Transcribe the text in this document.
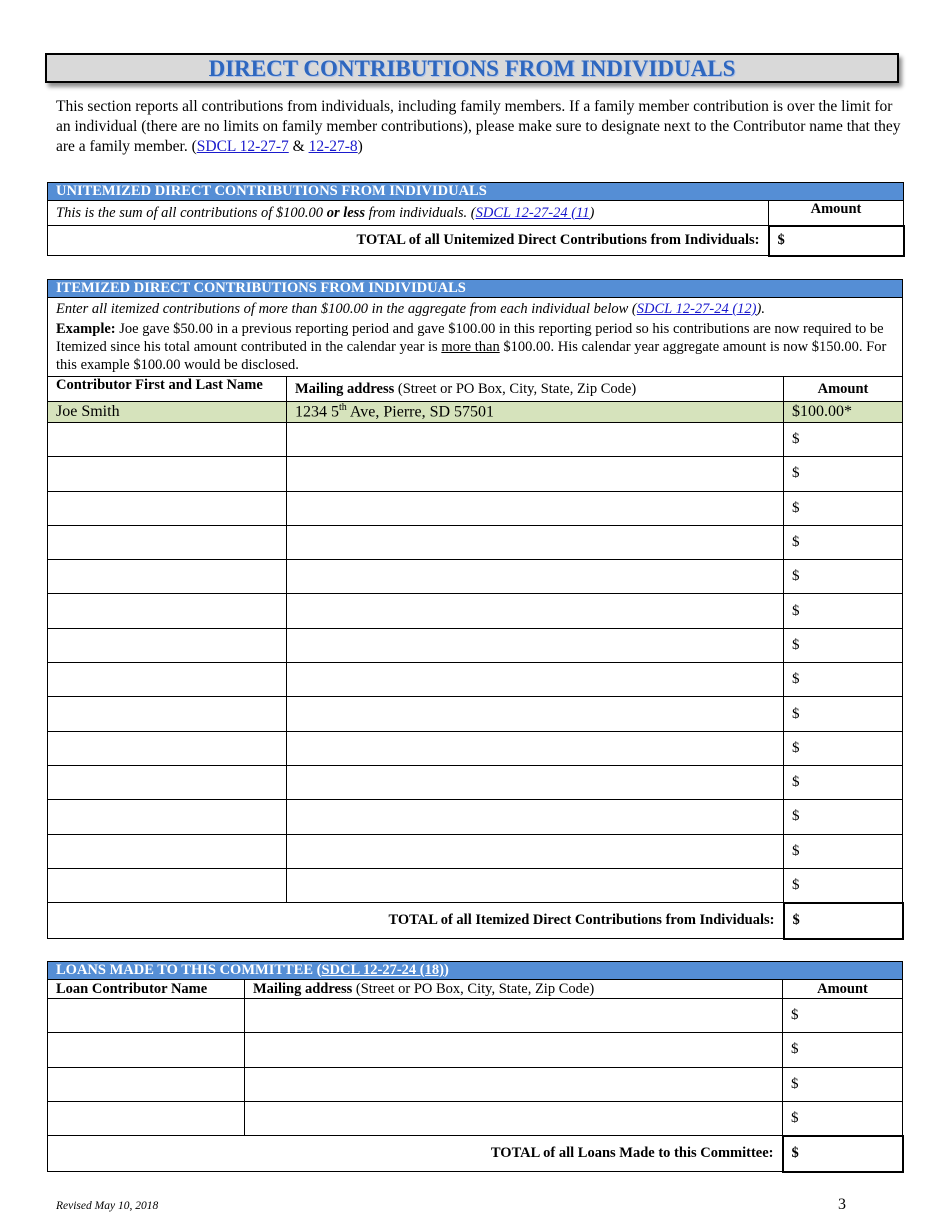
DIRECT CONTRIBUTIONS FROM INDIVIDUALS
This section reports all contributions from individuals, including family members. If a family member contribution is over the limit for an individual (there are no limits on family member contributions), please make sure to designate next to the Contributor name that they are a family member. (SDCL 12-27-7 & 12-27-8)
UNITEMIZED DIRECT CONTRIBUTIONS FROM INDIVIDUALS	
This is the sum of all contributions of $100.00 or less from individuals. (SDCL 12-27-24 (11)	Amount
TOTAL of all Unitemized Direct Contributions from Individuals:	$
ITEMIZED DIRECT CONTRIBUTIONS FROM INDIVIDUALS		

Enter all itemized contributions of more than $100.00 in the aggregate from each individual below (SDCL 12-27-24 (12)).
Example: Joe gave $50.00 in a previous reporting period and gave $100.00 in this reporting period so his contributions are now required to be Itemized since his total amount contributed in the calendar year is more than $100.00. His calendar year aggregate amount is now $150.00. For this example $100.00 would be disclosed.		

Contributor First and Last Name	Mailing address (Street or PO Box, City, State, Zip Code)	Amount
Joe Smith	1234 5th Ave, Pierre, SD 57501	$100.00*
		$
		$
		$
		$
		$
		$
		$
		$
		$
		$
		$
		$
		$
		$
TOTAL of all Itemized Direct Contributions from Individuals:		$
LOANS MADE TO THIS COMMITTEE (SDCL 12-27-24 (18))		
Loan Contributor Name	Mailing address (Street or PO Box, City, State, Zip Code)	Amount
		$
		$
		$
		$
TOTAL of all Loans Made to this Committee:		$
Revised May 10, 2018	3
